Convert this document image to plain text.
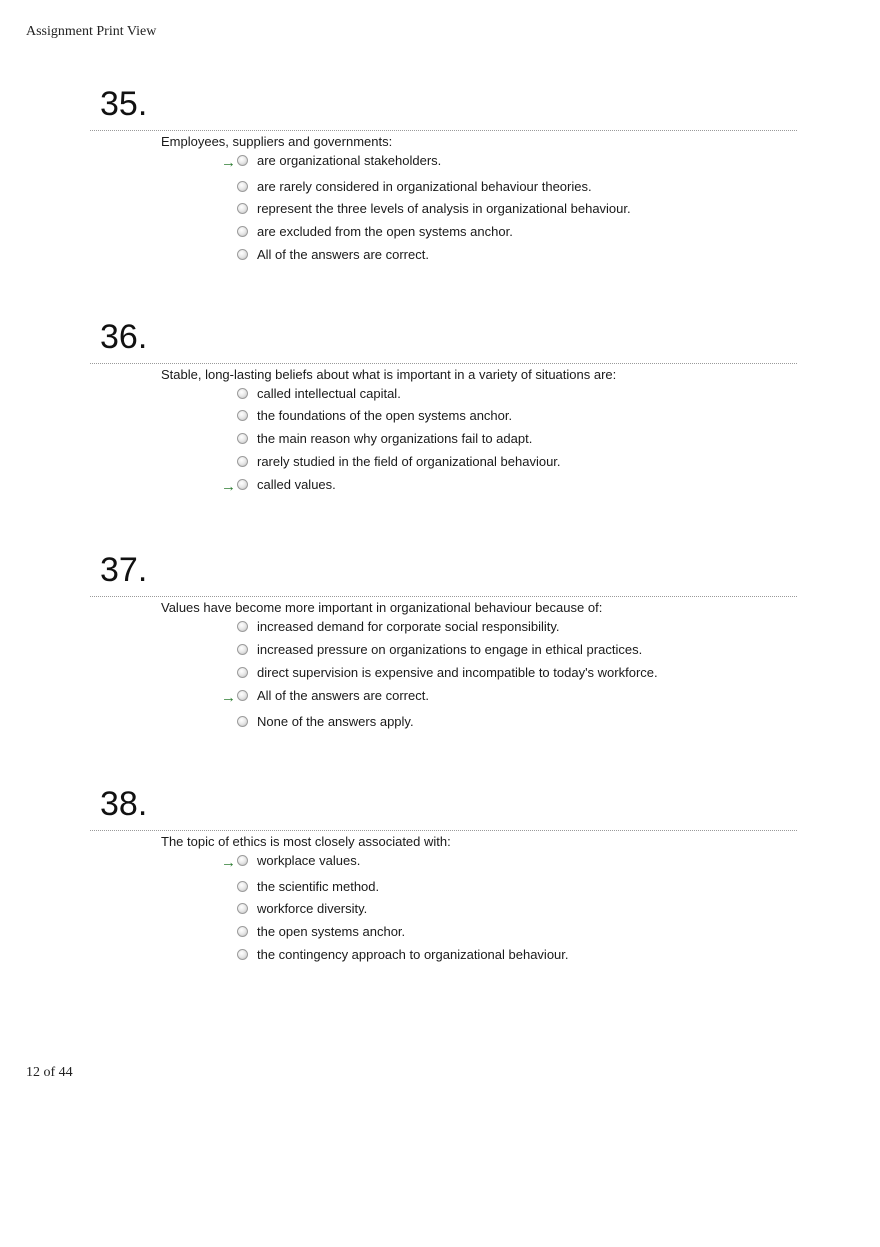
Assignment Print View
35.
Employees, suppliers and governments:
→ are organizational stakeholders.
are rarely considered in organizational behaviour theories.
represent the three levels of analysis in organizational behaviour.
are excluded from the open systems anchor.
All of the answers are correct.
36.
Stable, long-lasting beliefs about what is important in a variety of situations are:
called intellectual capital.
the foundations of the open systems anchor.
the main reason why organizations fail to adapt.
rarely studied in the field of organizational behaviour.
→ called values.
37.
Values have become more important in organizational behaviour because of:
increased demand for corporate social responsibility.
increased pressure on organizations to engage in ethical practices.
direct supervision is expensive and incompatible to today's workforce.
→ All of the answers are correct.
None of the answers apply.
38.
The topic of ethics is most closely associated with:
→ workplace values.
the scientific method.
workforce diversity.
the open systems anchor.
the contingency approach to organizational behaviour.
12 of 44
